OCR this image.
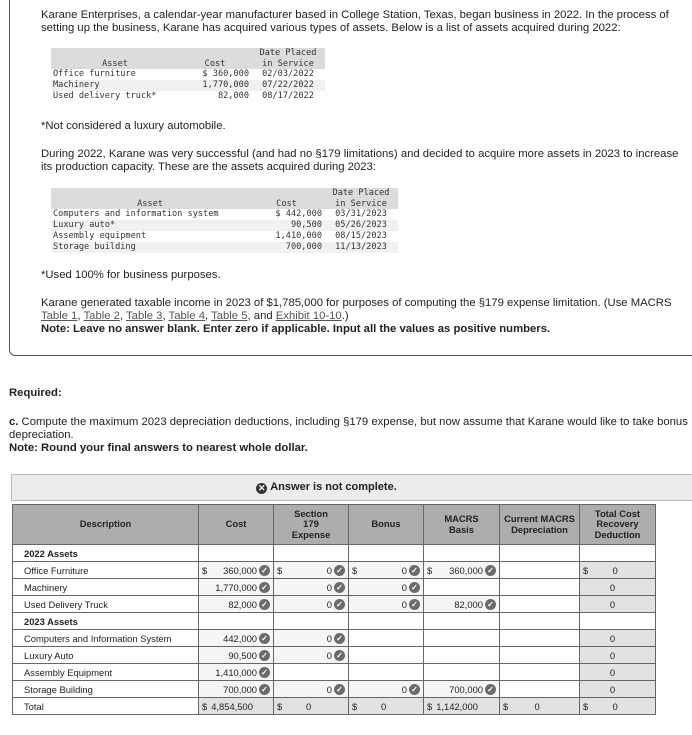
Karane Enterprises, a calendar-year manufacturer based in College Station, Texas, began business in 2022. In the process of setting up the business, Karane has acquired various types of assets. Below is a list of assets acquired during 2022:
Asset	Cost	Date Placed in Service
Office furniture	$ 360,000	02/03/2022
Machinery	1,770,000	07/22/2022
Used delivery truck*	82,000	08/17/2022
*Not considered a luxury automobile.
During 2022, Karane was very successful (and had no §179 limitations) and decided to acquire more assets in 2023 to increase its production capacity. These are the assets acquired during 2023:
Asset	Cost	Date Placed in Service
Computers and information system	$ 442,000	03/31/2023
Luxury auto*	90,500	05/26/2023
Assembly equipment	1,410,000	08/15/2023
Storage building	700,000	11/13/2023
*Used 100% for business purposes.
Karane generated taxable income in 2023 of $1,785,000 for purposes of computing the §179 expense limitation. (Use MACRS Table 1, Table 2, Table 3, Table 4, Table 5, and Exhibit 10-10.)
Note: Leave no answer blank. Enter zero if applicable. Input all the values as positive numbers.
Required:
c. Compute the maximum 2023 depreciation deductions, including §179 expense, but now assume that Karane would like to take bonus depreciation.
Note: Round your final answers to nearest whole dollar.
✕ Answer is not complete.
Description	Cost	Section 179 Expense	Bonus	MACRS Basis	Current MACRS Depreciation	Total Cost Recovery Deduction
2022 Assets						
Office Furniture	$ 360,000 ✓	$ 0 ✓	$ 0 ✓	$ 360,000 ✓		$ 0

Machinery	1,770,000 ✓	0 ✓	0 ✓			0

Used Delivery Truck	82,000 ✓	0 ✓	0 ✓	82,000 ✓		0

2023 Assets						
Computers and Information System	442,000 ✓	0 ✓				0

Luxury Auto	90,500 ✓	0 ✓				0

Assembly Equipment	1,410,000 ✓					0

Storage Building	700,000 ✓	0 ✓	0 ✓	700,000 ✓		0

Total	$ 4,854,500	$ 0	$ 0	$ 1,142,000	$ 0	$ 0
